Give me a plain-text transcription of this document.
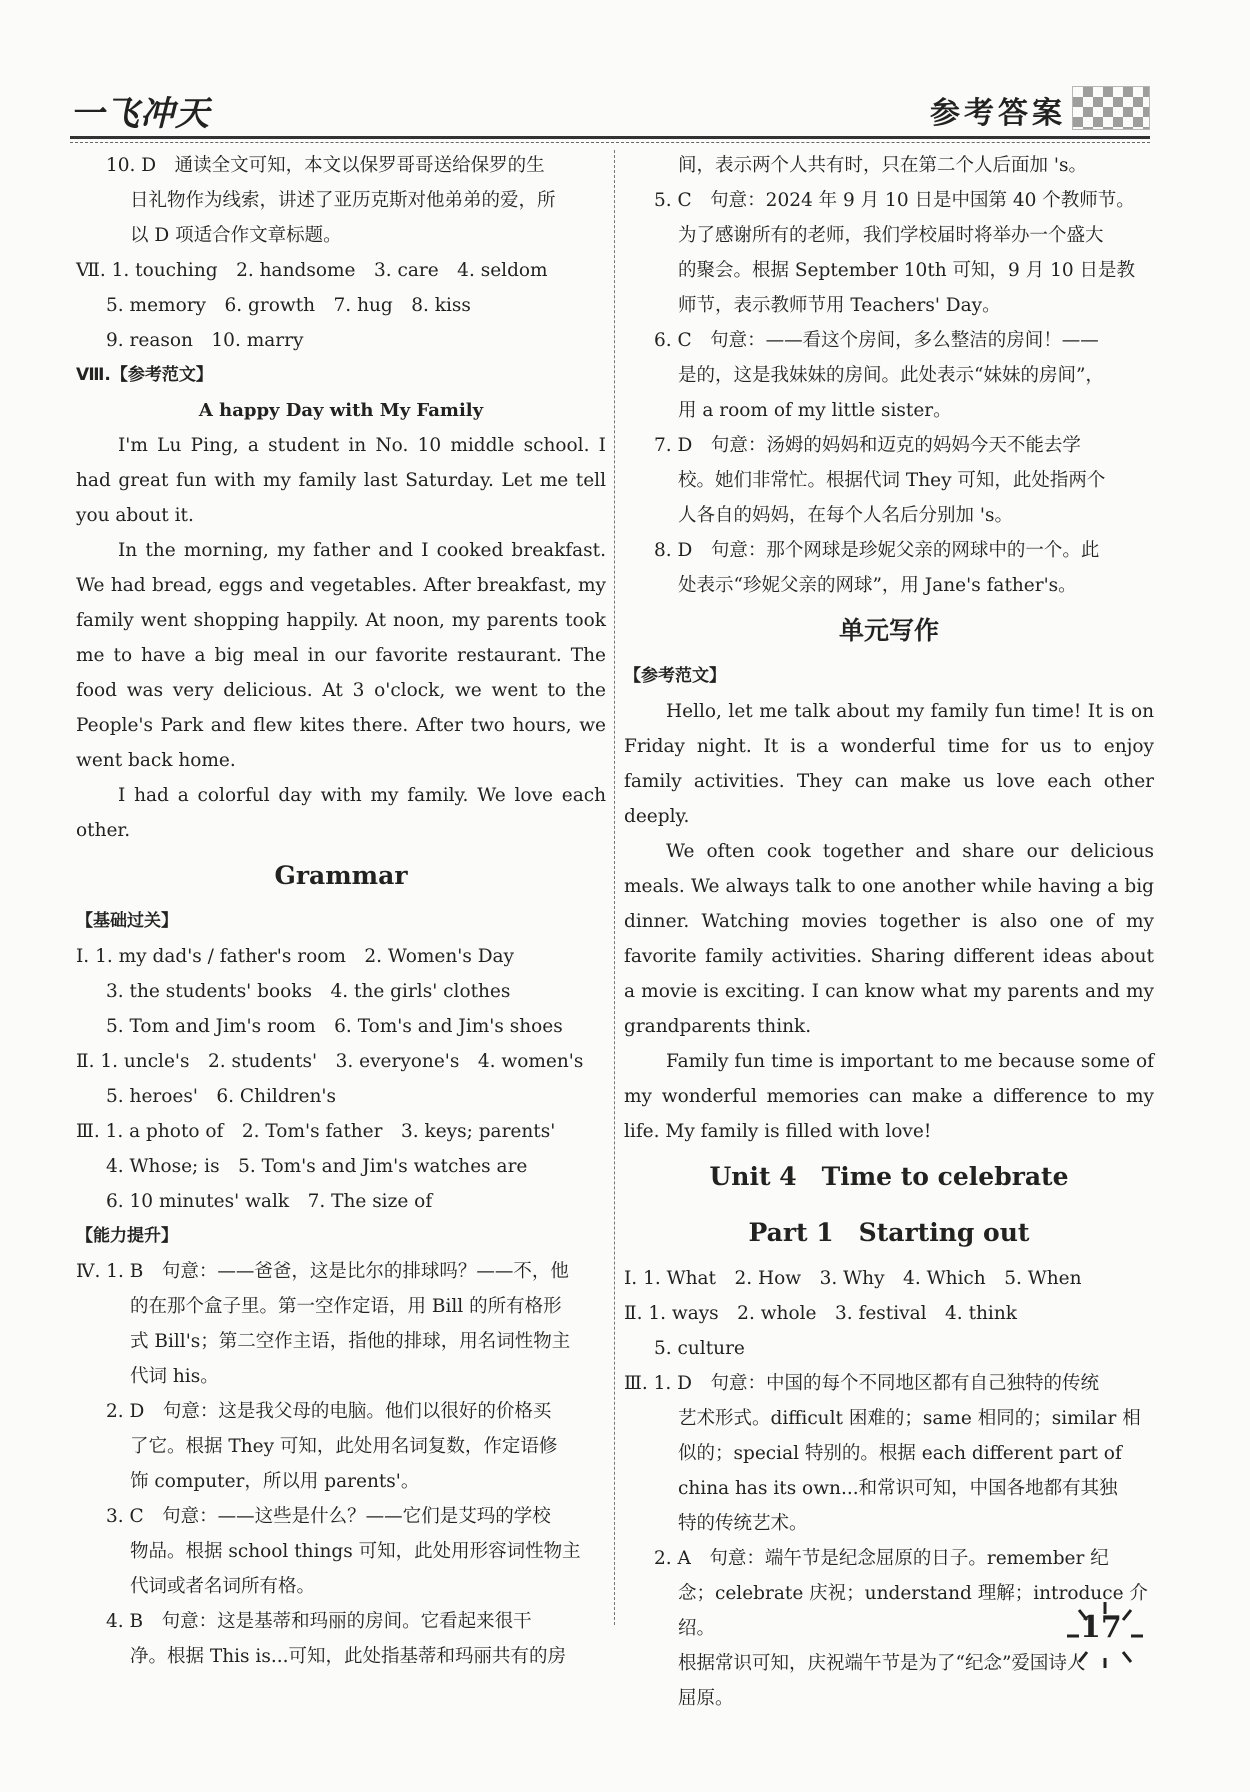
一飞冲天	参考答案

10. D　通读全文可知，本文以保罗哥哥送给保罗的生

日礼物作为线索，讲述了亚历克斯对他弟弟的爱，所

以 D 项适合作文章标题。

Ⅶ. 1. touching　2. handsome　3. care　4. seldom

5. memory　6. growth　7. hug　8. kiss

9. reason　10. marry

Ⅷ.【参考范文】

A happy Day with My Family

I'm Lu Ping, a student in No. 10 middle school. I had great fun with my family last Saturday. Let me tell you about it.

In the morning, my father and I cooked breakfast. We had bread, eggs and vegetables. After breakfast, my family went shopping happily. At noon, my parents took me to have a big meal in our favorite restaurant. The food was very delicious. At 3 o'clock, we went to the People's Park and flew kites there. After two hours, we went back home.

I had a colorful day with my family. We love each other.

Grammar

【基础过关】

Ⅰ. 1. my dad's / father's room　2. Women's Day

3. the students' books　4. the girls' clothes

5. Tom and Jim's room　6. Tom's and Jim's shoes

Ⅱ. 1. uncle's　2. students'　3. everyone's　4. women's

5. heroes'　6. Children's

Ⅲ. 1. a photo of　2. Tom's father　3. keys; parents'

4. Whose; is　5. Tom's and Jim's watches are

6. 10 minutes' walk　7. The size of

【能力提升】

Ⅳ. 1. B　句意：——爸爸，这是比尔的排球吗？——不，他

的在那个盒子里。第一空作定语，用 Bill 的所有格形

式 Bill's；第二空作主语，指他的排球，用名词性物主

代词 his。

2. D　句意：这是我父母的电脑。他们以很好的价格买

了它。根据 They 可知，此处用名词复数，作定语修

饰 computer，所以用 parents'。

3. C　句意：——这些是什么？——它们是艾玛的学校

物品。根据 school things 可知，此处用形容词性物主

代词或者名词所有格。

4. B　句意：这是基蒂和玛丽的房间。它看起来很干

净。根据 This is...可知，此处指基蒂和玛丽共有的房

间，表示两个人共有时，只在第二个人后面加 's。

5. C　句意：2024 年 9 月 10 日是中国第 40 个教师节。

为了感谢所有的老师，我们学校届时将举办一个盛大

的聚会。根据 September 10th 可知，9 月 10 日是教

师节，表示教师节用 Teachers' Day。

6. C　句意：——看这个房间，多么整洁的房间！——

是的，这是我妹妹的房间。此处表示“妹妹的房间”，

用 a room of my little sister。

7. D　句意：汤姆的妈妈和迈克的妈妈今天不能去学

校。她们非常忙。根据代词 They 可知，此处指两个

人各自的妈妈，在每个人名后分别加 's。

8. D　句意：那个网球是珍妮父亲的网球中的一个。此

处表示“珍妮父亲的网球”，用 Jane's father's。

单元写作

【参考范文】

Hello, let me talk about my family fun time! It is on Friday night. It is a wonderful time for us to enjoy family activities. They can make us love each other deeply.

We often cook together and share our delicious meals. We always talk to one another while having a big dinner. Watching movies together is also one of my favorite family activities. Sharing different ideas about a movie is exciting. I can know what my parents and my grandparents think.

Family fun time is important to me because some of my wonderful memories can make a difference to my life. My family is filled with love!

Unit 4　Time to celebrate

Part 1　Starting out

Ⅰ. 1. What　2. How　3. Why　4. Which　5. When

Ⅱ. 1. ways　2. whole　3. festival　4. think

5. culture

Ⅲ. 1. D　句意：中国的每个不同地区都有自己独特的传统

艺术形式。difficult 困难的；same 相同的；similar 相

似的；special 特别的。根据 each different part of

china has its own...和常识可知，中国各地都有其独

特的传统艺术。

2. A　句意：端午节是纪念屈原的日子。remember 纪

念；celebrate 庆祝；understand 理解；introduce 介绍。

根据常识可知，庆祝端午节是为了“纪念”爱国诗人

屈原。

17
